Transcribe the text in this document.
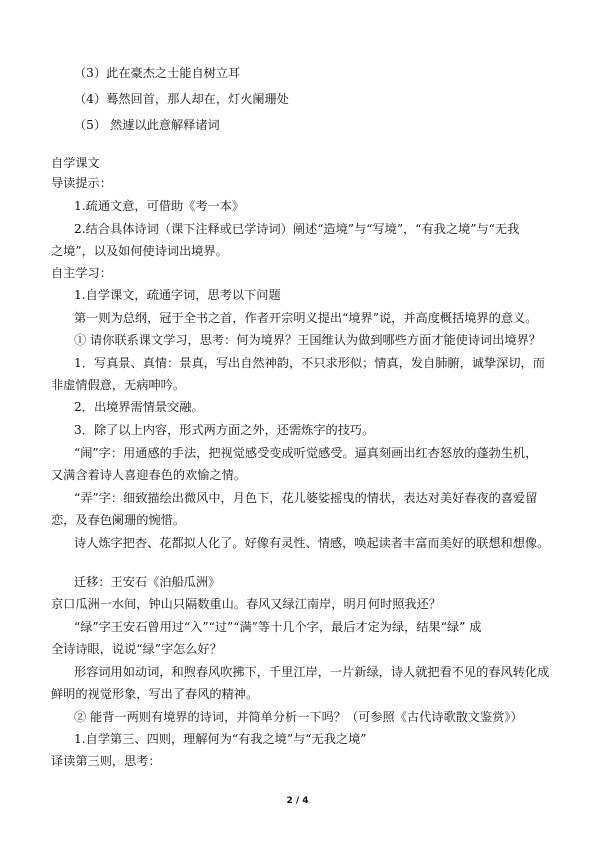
（3）此在豪杰之士能自树立耳
（4）蓦然回首，那人却在，灯火阑珊处
（5） 然遽以此意解释诸词
自学课文
导读提示：
1.疏通文意，可借助《考一本》
2.结合具体诗词（课下注释或已学诗词）阐述“造境”与“写境”，“有我之境”与“无我
之境”，以及如何使诗词出境界。
自主学习：
1.自学课文，疏通字词，思考以下问题
第一则为总纲，冠于全书之首，作者开宗明义提出“境界”说，并高度概括境界的意义。
① 请你联系课文学习，思考：何为境界？王国维认为做到哪些方面才能使诗词出境界？
1．写真景、真情：景真，写出自然神韵，不只求形似；情真，发自肺腑，诚挚深切，而
非虚情假意，无病呻吟。
2．出境界需情景交融。
3．除了以上内容，形式两方面之外，还需炼字的技巧。
“闹”字：用通感的手法，把视觉感受变成听觉感受。逼真刻画出红杏怒放的蓬勃生机，
又满含着诗人喜迎春色的欢愉之情。
“弄”字：细致描绘出微风中，月色下，花儿婆娑摇曳的情状，表达对美好春夜的喜爱留
恋，及春色阑珊的惋惜。
诗人炼字把杏、花都拟人化了。好像有灵性、情感，唤起读者丰富而美好的联想和想像。
迁移：王安石《泊船瓜洲》
京口瓜洲一水间，钟山只隔数重山。春风又绿江南岸，明月何时照我还？
“绿”字王安石曾用过“入”“过”“满”等十几个字，最后才定为绿，结果“绿” 成
全诗诗眼，说说“绿”字怎么好？
形容词用如动词，和煦春风吹拂下，千里江岸，一片新绿，诗人就把看不见的春风转化成
鲜明的视觉形象，写出了春风的精神。
② 能背一两则有境界的诗词，并简单分析一下吗？（可参照《古代诗歌散文鉴赏》）
1.自学第三、四则，理解何为“有我之境”与“无我之境”
译读第三则，思考：
2 / 4
